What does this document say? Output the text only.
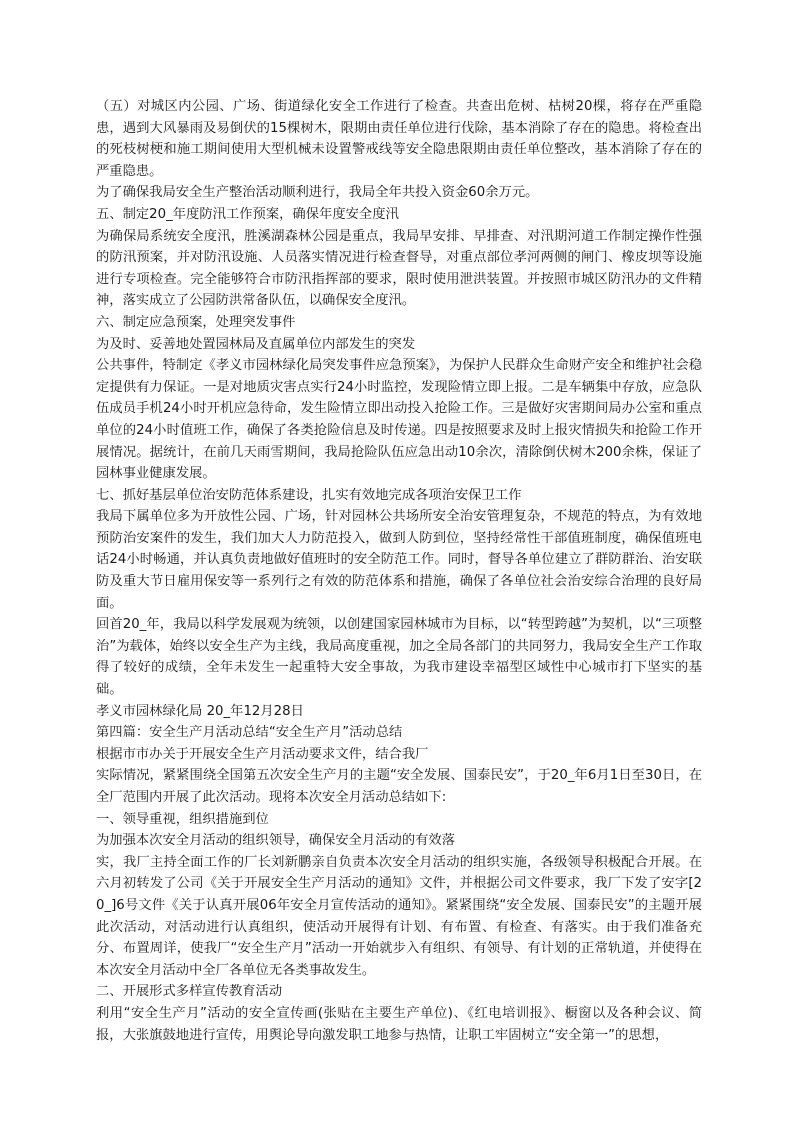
（五）对城区内公园、广场、街道绿化安全工作进行了检查。共查出危树、枯树20棵，将存在严重隐患，遇到大风暴雨及易倒伏的15棵树木，限期由责任单位进行伐除，基本消除了存在的隐患。将检查出的死枝树梗和施工期间使用大型机械未设置警戒线等安全隐患限期由责任单位整改，基本消除了存在的严重隐患。

为了确保我局安全生产整治活动顺利进行，我局全年共投入资金60余万元。

五、制定20_年度防汛工作预案，确保年度安全度汛

为确保局系统安全度汛，胜溪湖森林公园是重点，我局早安排、早排查、对汛期河道工作制定操作性强的防汛预案，并对防汛设施、人员落实情况进行检查督导，对重点部位孝河两侧的闸门、橡皮坝等设施进行专项检查。完全能够符合市防汛指挥部的要求，限时使用泄洪装置。并按照市城区防汛办的文件精神，落实成立了公园防洪常备队伍，以确保安全度汛。

六、制定应急预案，处理突发事件

为及时、妥善地处置园林局及直属单位内部发生的突发

公共事件，特制定《孝义市园林绿化局突发事件应急预案》，为保护人民群众生命财产安全和维护社会稳定提供有力保证。一是对地质灾害点实行24小时监控，发现险情立即上报。二是车辆集中存放，应急队伍成员手机24小时开机应急待命，发生险情立即出动投入抢险工作。三是做好灾害期间局办公室和重点单位的24小时值班工作，确保了各类抢险信息及时传递。四是按照要求及时上报灾情损失和抢险工作开展情况。据统计，在前几天雨雪期间，我局抢险队伍应急出动10余次，清除倒伏树木200余株，保证了园林事业健康发展。

七、抓好基层单位治安防范体系建设，扎实有效地完成各项治安保卫工作

我局下属单位多为开放性公园、广场，针对园林公共场所安全治安管理复杂，不规范的特点，为有效地预防治安案件的发生，我们加大人力防范投入，做到人防到位，坚持经常性干部值班制度，确保值班电话24小时畅通，并认真负责地做好值班时的安全防范工作。同时，督导各单位建立了群防群治、治安联防及重大节日雇用保安等一系列行之有效的防范体系和措施，确保了各单位社会治安综合治理的良好局面。

回首20_年，我局以科学发展观为统领，以创建国家园林城市为目标，以“转型跨越”为契机，以“三项整治”为载体，始终以安全生产为主线，我局高度重视，加之全局各部门的共同努力，我局安全生产工作取得了较好的成绩，全年未发生一起重特大安全事故，为我市建设幸福型区域性中心城市打下坚实的基础。

孝义市园林绿化局 20_年12月28日

第四篇：安全生产月活动总结“安全生产月”活动总结

根据市市办关于开展安全生产月活动要求文件，结合我厂

实际情况，紧紧围绕全国第五次安全生产月的主题“安全发展、国泰民安”，于20_年6月1日至30日，在全厂范围内开展了此次活动。现将本次安全月活动总结如下:

一、领导重视，组织措施到位

为加强本次安全月活动的组织领导，确保安全月活动的有效落

实，我厂主持全面工作的厂长刘新鹏亲自负责本次安全月活动的组织实施，各级领导积极配合开展。在六月初转发了公司《关于开展安全生产月活动的通知》文件，并根据公司文件要求，我厂下发了安字[20_]6号文件《关于认真开展06年安全月宣传活动的通知》。紧紧围绕“安全发展、国泰民安”的主题开展此次活动，对活动进行认真组织，使活动开展得有计划、有布置、有检查、有落实。由于我们准备充分、布置周详，使我厂“安全生产月”活动一开始就步入有组织、有领导、有计划的正常轨道，并使得在本次安全月活动中全厂各单位无各类事故发生。

二、开展形式多样宣传教育活动

利用“安全生产月”活动的安全宣传画(张贴在主要生产单位)、《红电培训报》、橱窗以及各种会议、简报，大张旗鼓地进行宣传，用舆论导向激发职工地参与热情，让职工牢固树立“安全第一”的思想，
